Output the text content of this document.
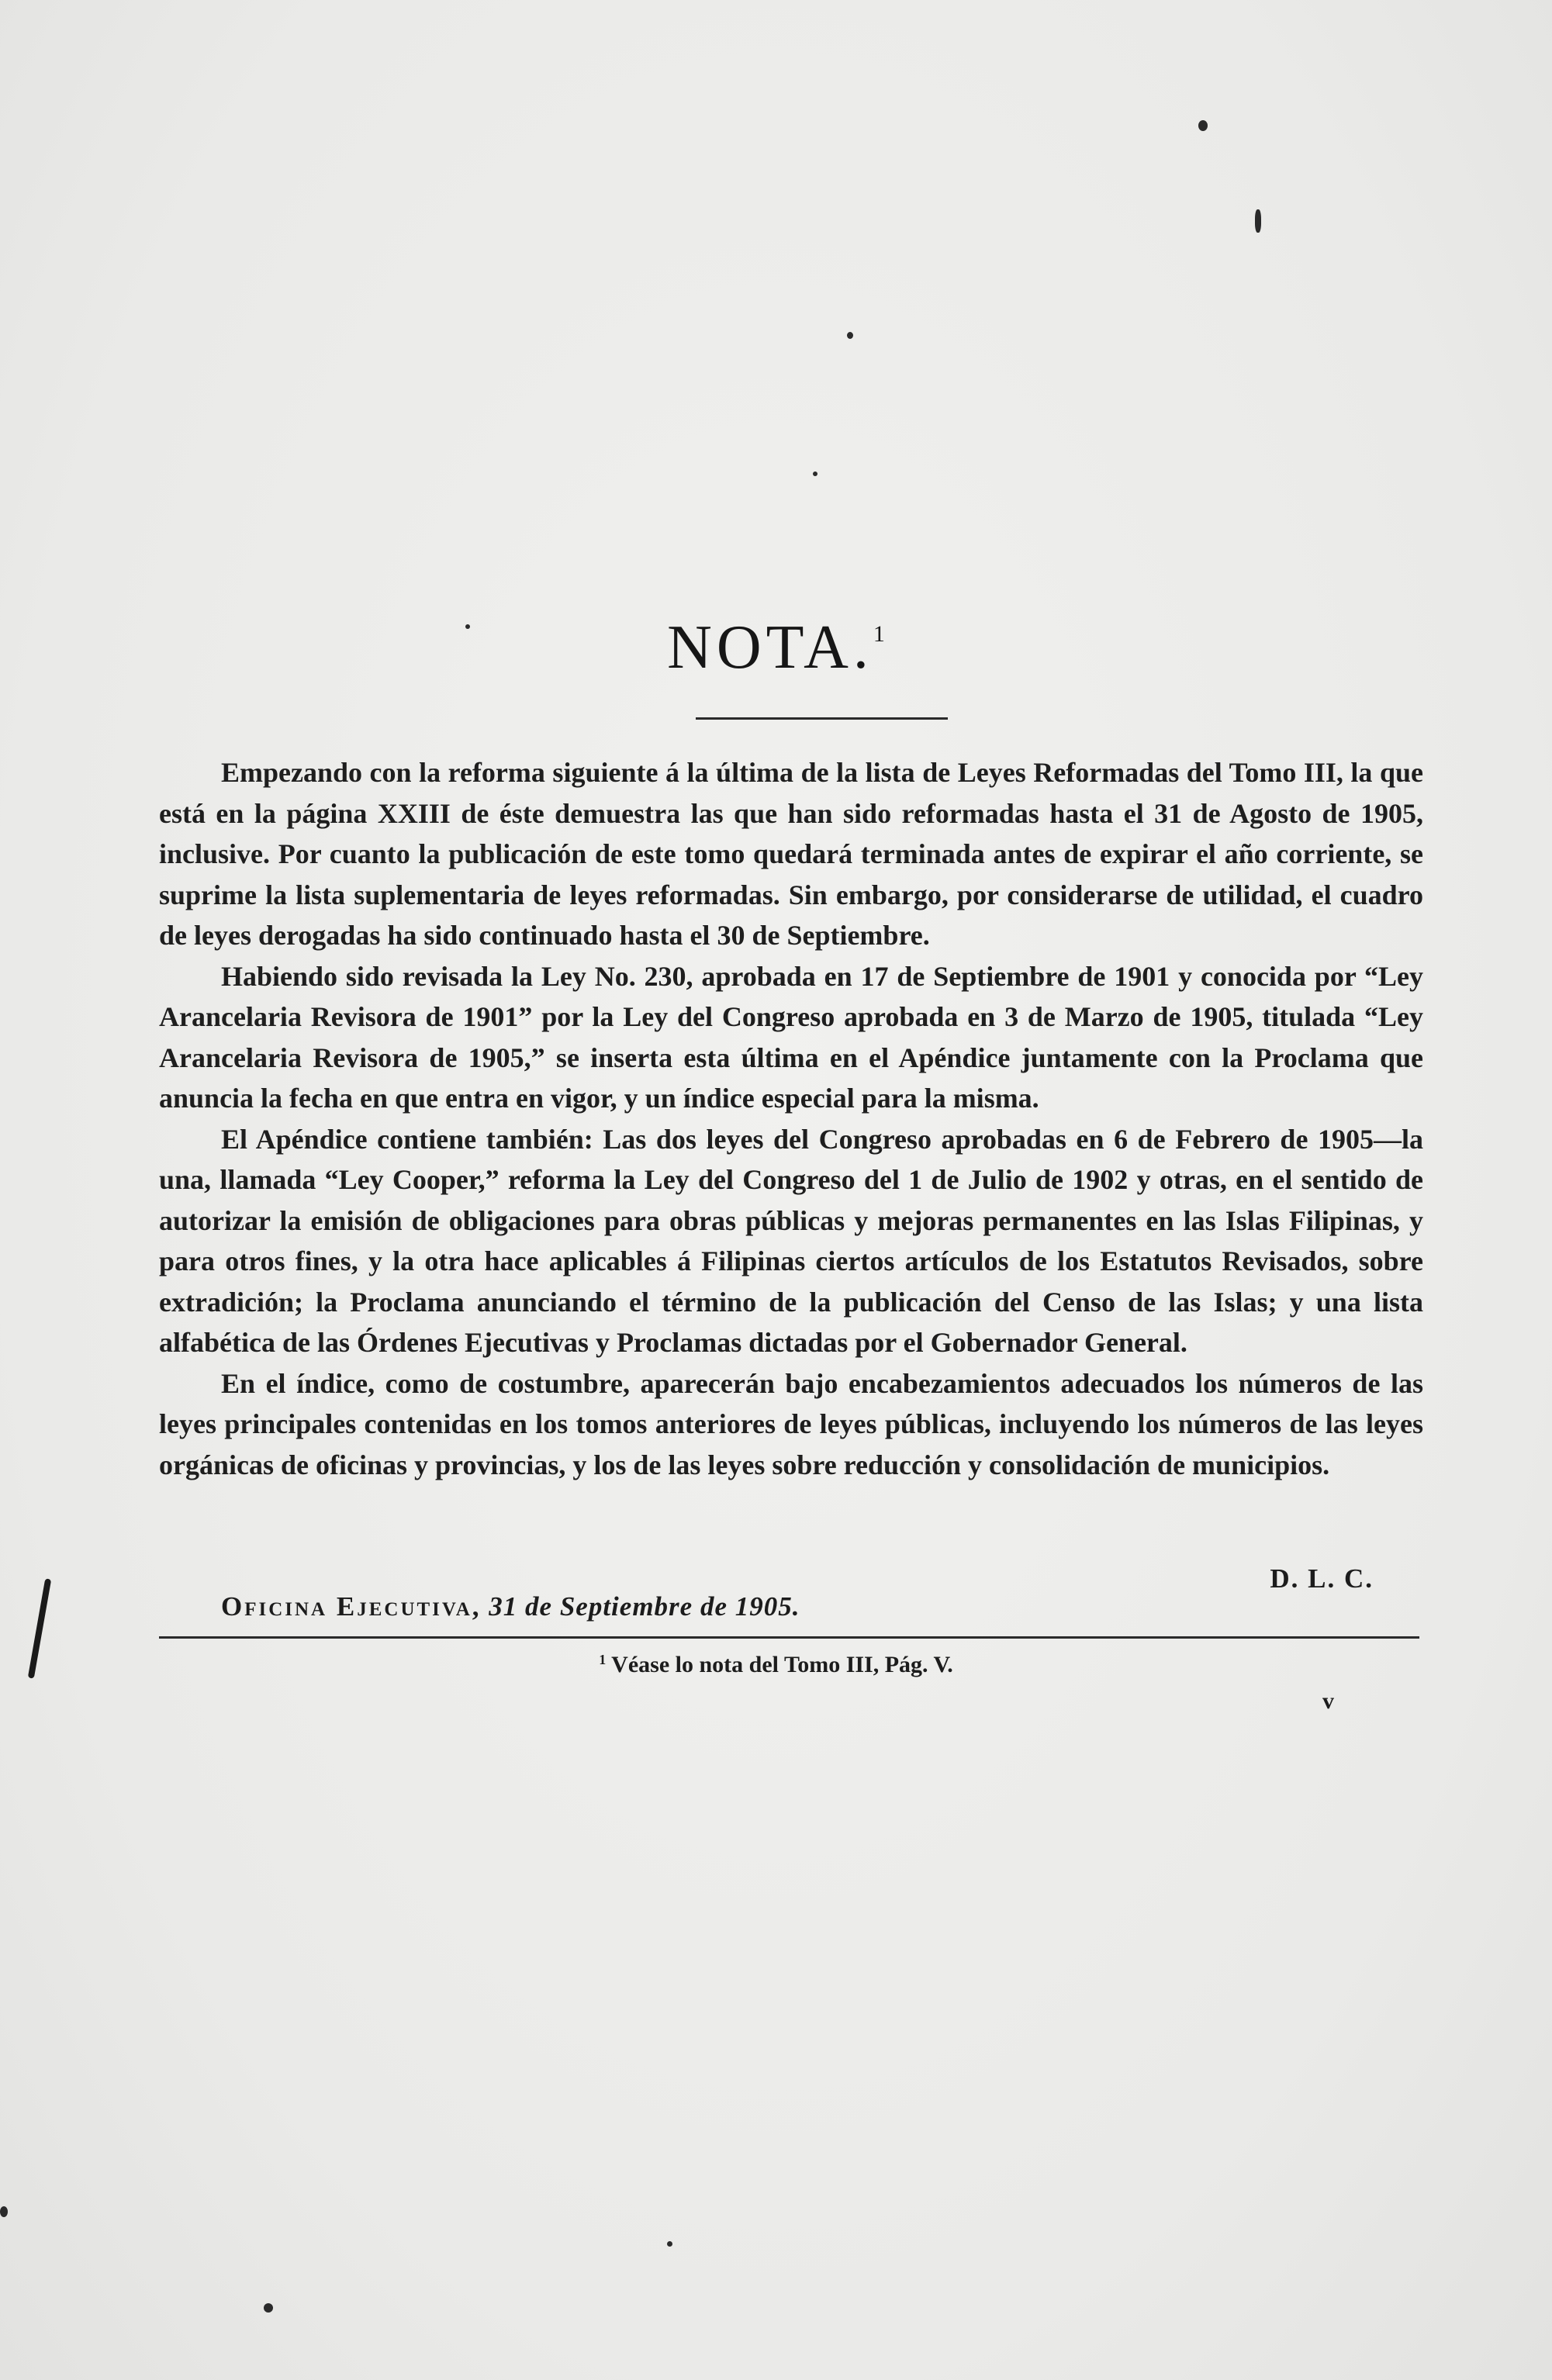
NOTA.$^1$

Empezando con la reforma siguiente á la última de la lista de Leyes Reformadas del Tomo III, la que está en la página XXIII de éste demuestra las que han sido reformadas hasta el 31 de Agosto de 1905, inclusive. Por cuanto la publicación de este tomo quedará terminada antes de expirar el año corriente, se suprime la lista suplementaria de leyes reformadas. Sin embargo, por considerarse de utilidad, el cuadro de leyes derogadas ha sido continuado hasta el 30 de Septiembre.

Habiendo sido revisada la Ley No. 230, aprobada en 17 de Septiembre de 1901 y conocida por “Ley Arancelaria Revisora de 1901” por la Ley del Congreso aprobada en 3 de Marzo de 1905, titulada “Ley Arancelaria Revisora de 1905,” se inserta esta última en el Apéndice juntamente con la Proclama que anuncia la fecha en que entra en vigor, y un índice especial para la misma.

El Apéndice contiene también: Las dos leyes del Congreso aprobadas en 6 de Febrero de 1905—la una, llamada “Ley Cooper,” reforma la Ley del Congreso del 1 de Julio de 1902 y otras, en el sentido de autorizar la emisión de obligaciones para obras públicas y mejoras permanentes en las Islas Filipinas, y para otros fines, y la otra hace aplicables á Filipinas ciertos artículos de los Estatutos Revisados, sobre extradición; la Proclama anunciando el término de la publicación del Censo de las Islas; y una lista alfabética de las Órdenes Ejecutivas y Proclamas dictadas por el Gobernador General.

En el índice, como de costumbre, aparecerán bajo encabezamientos adecuados los números de las leyes principales contenidas en los tomos anteriores de leyes públicas, incluyendo los números de las leyes orgánicas de oficinas y provincias, y los de las leyes sobre reducción y consolidación de municipios.

D. L. C.
Oficina Ejecutiva, 31 de Septiembre de 1905.
$^1$ Véase lo nota del Tomo III, Pág. V.
v
